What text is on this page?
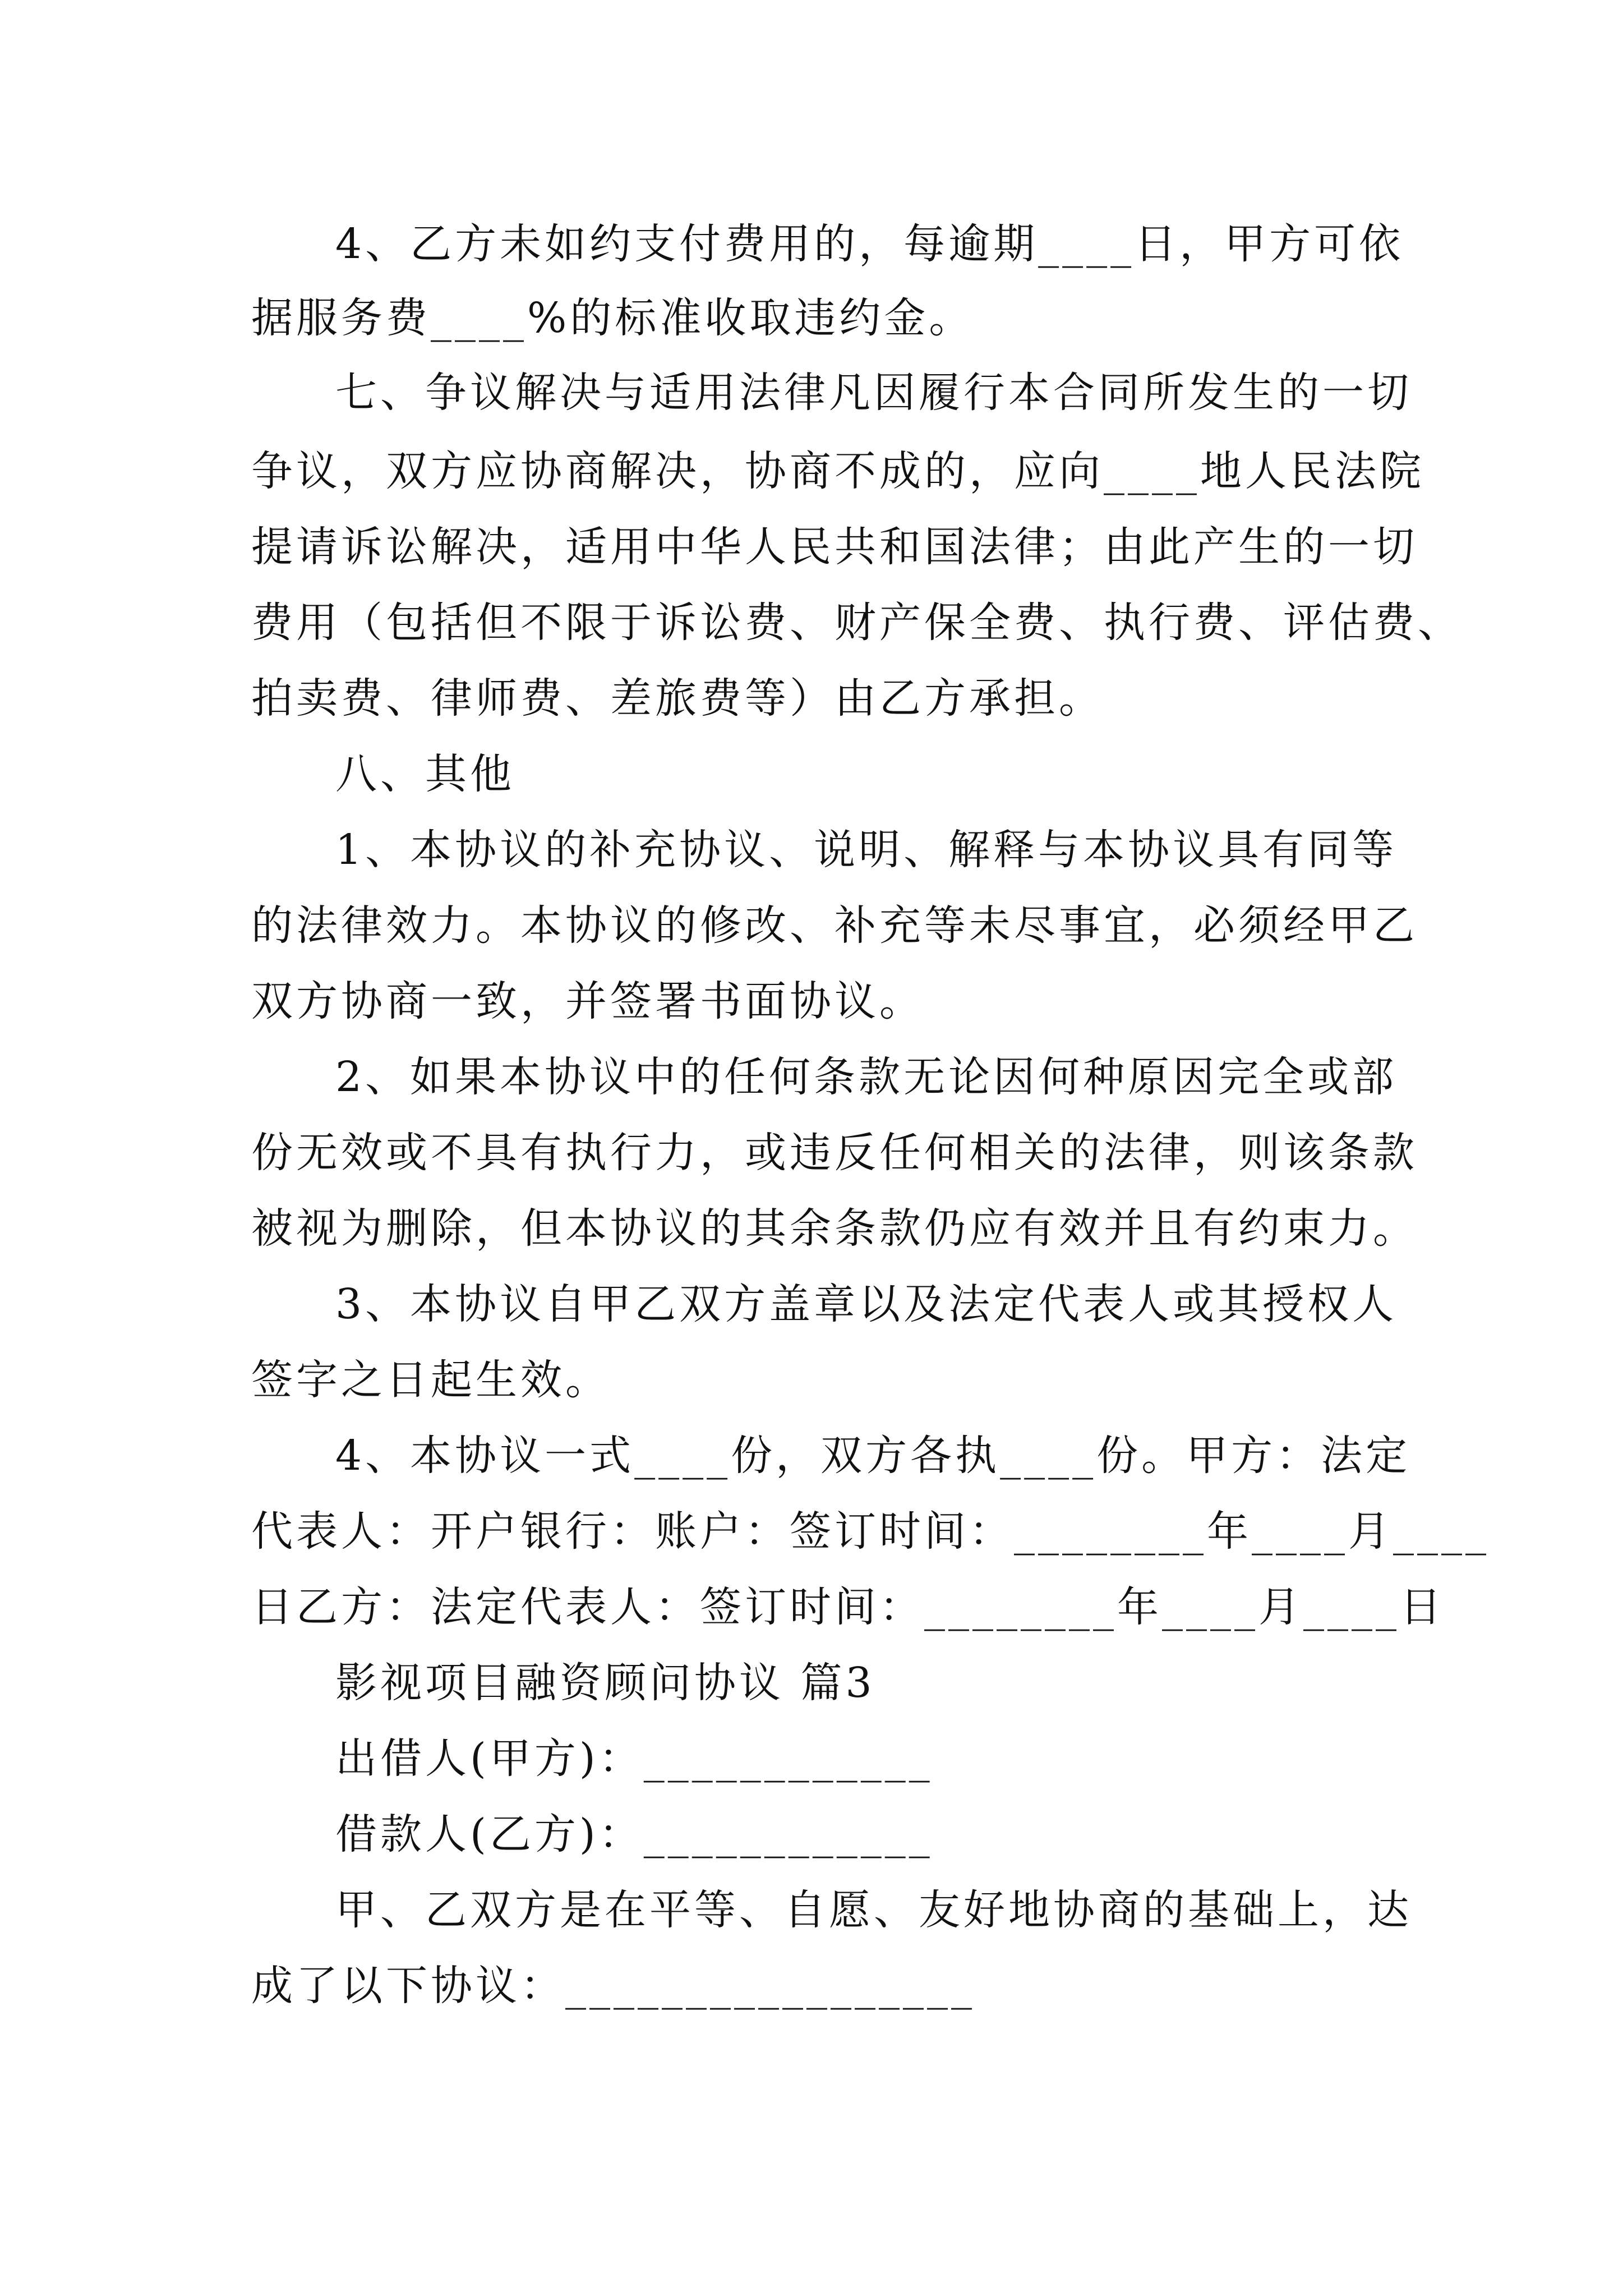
4、乙方未如约支付费用的，每逾期____日，甲方可依
据服务费____%的标准收取违约金。
七、争议解决与适用法律凡因履行本合同所发生的一切
争议，双方应协商解决，协商不成的，应向____地人民法院
提请诉讼解决，适用中华人民共和国法律；由此产生的一切
费用（包括但不限于诉讼费、财产保全费、执行费、评估费、
拍卖费、律师费、差旅费等）由乙方承担。
八、其他
1、本协议的补充协议、说明、解释与本协议具有同等
的法律效力。本协议的修改、补充等未尽事宜，必须经甲乙
双方协商一致，并签署书面协议。
2、如果本协议中的任何条款无论因何种原因完全或部
份无效或不具有执行力，或违反任何相关的法律，则该条款
被视为删除，但本协议的其余条款仍应有效并且有约束力。
3、本协议自甲乙双方盖章以及法定代表人或其授权人
签字之日起生效。
4、本协议一式____份，双方各执____份。甲方：法定
代表人：开户银行：账户：签订时间：________年____月____
日乙方：法定代表人：签订时间：________年____月____日
影视项目融资顾问协议 篇3
出借人(甲方)：____________
借款人(乙方)：____________
甲、乙双方是在平等、自愿、友好地协商的基础上，达
成了以下协议：_________________
